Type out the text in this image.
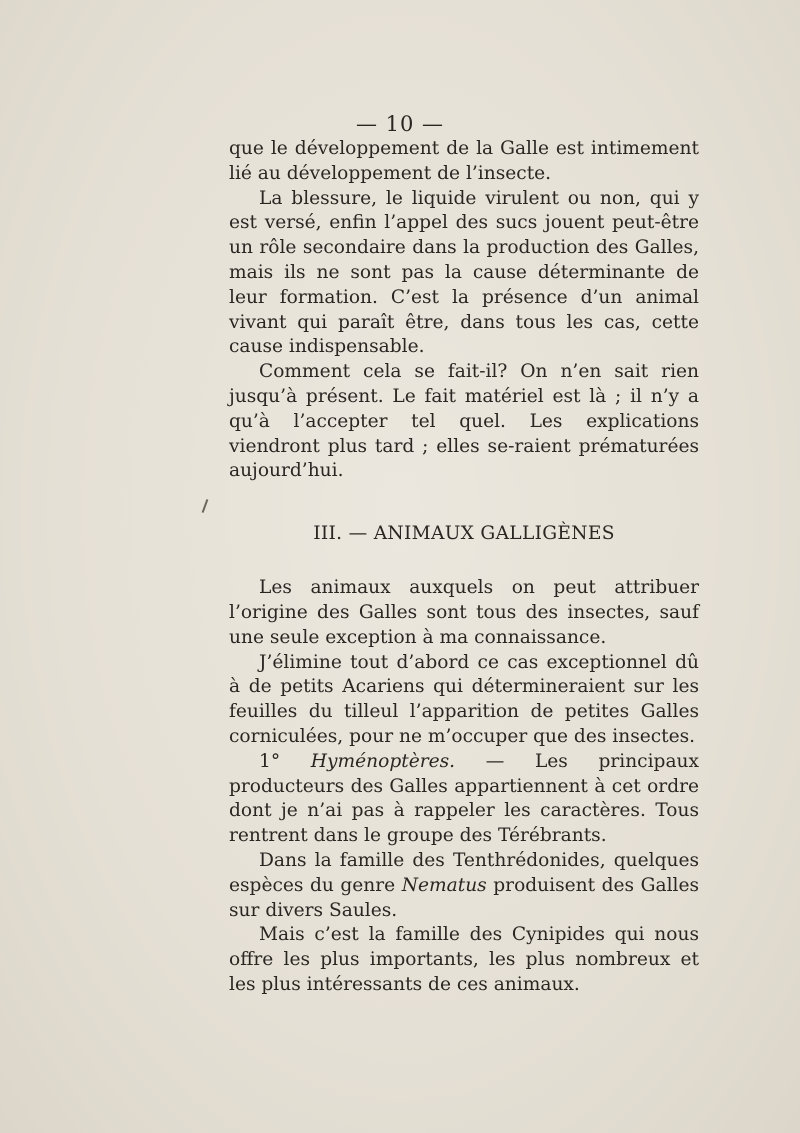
— 10 —

que le développement de la Galle est intimement lié au développement de l’insecte.

La blessure, le liquide virulent ou non, qui y est versé, enfin l’appel des sucs jouent peut-être un rôle secondaire dans la production des Galles, mais ils ne sont pas la cause déterminante de leur formation. C’est la présence d’un animal vivant qui paraît être, dans tous les cas, cette cause indispensable.

Comment cela se fait-il? On n’en sait rien jusqu’à présent. Le fait matériel est là ; il n’y a qu’à l’accepter tel quel. Les explications viendront plus tard ; elles se-raient prématurées aujourd’hui.

III. — ANIMAUX GALLIGÈNES

Les animaux auxquels on peut attribuer l’origine des Galles sont tous des insectes, sauf une seule exception à ma connaissance.

J’élimine tout d’abord ce cas exceptionnel dû à de petits Acariens qui détermineraient sur les feuilles du tilleul l’apparition de petites Galles corniculées, pour ne m’occuper que des insectes.

1° Hyménoptères. — Les principaux producteurs des Galles appartiennent à cet ordre dont je n’ai pas à rappeler les caractères. Tous rentrent dans le groupe des Térébrants.

Dans la famille des Tenthrédonides, quelques espèces du genre Nematus produisent des Galles sur divers Saules.

Mais c’est la famille des Cynipides qui nous offre les plus importants, les plus nombreux et les plus intéressants de ces animaux.
